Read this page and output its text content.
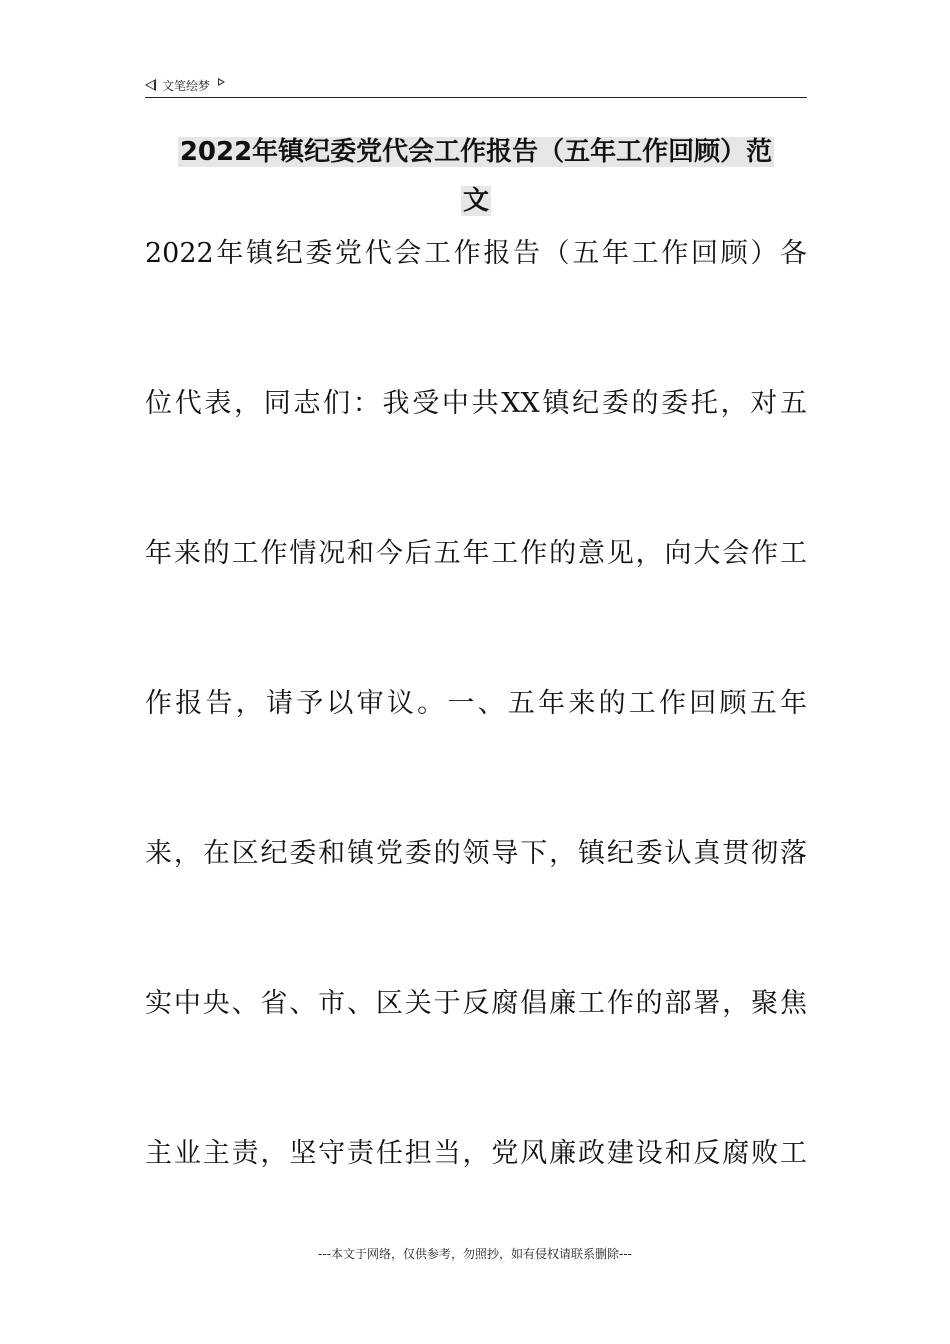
文笔绘梦
2022年镇纪委党代会工作报告（五年工作回顾）范
文
2022年镇纪委党代会工作报告（五年工作回顾）各
位代表，同志们：我受中共XX镇纪委的委托，对五
年来的工作情况和今后五年工作的意见，向大会作工
作报告，请予以审议。一、五年来的工作回顾五年
来，在区纪委和镇党委的领导下，镇纪委认真贯彻落
实中央、省、市、区关于反腐倡廉工作的部署，聚焦
主业主责，坚守责任担当，党风廉政建设和反腐败工
---本文于网络，仅供参考，勿照抄，如有侵权请联系删除---
